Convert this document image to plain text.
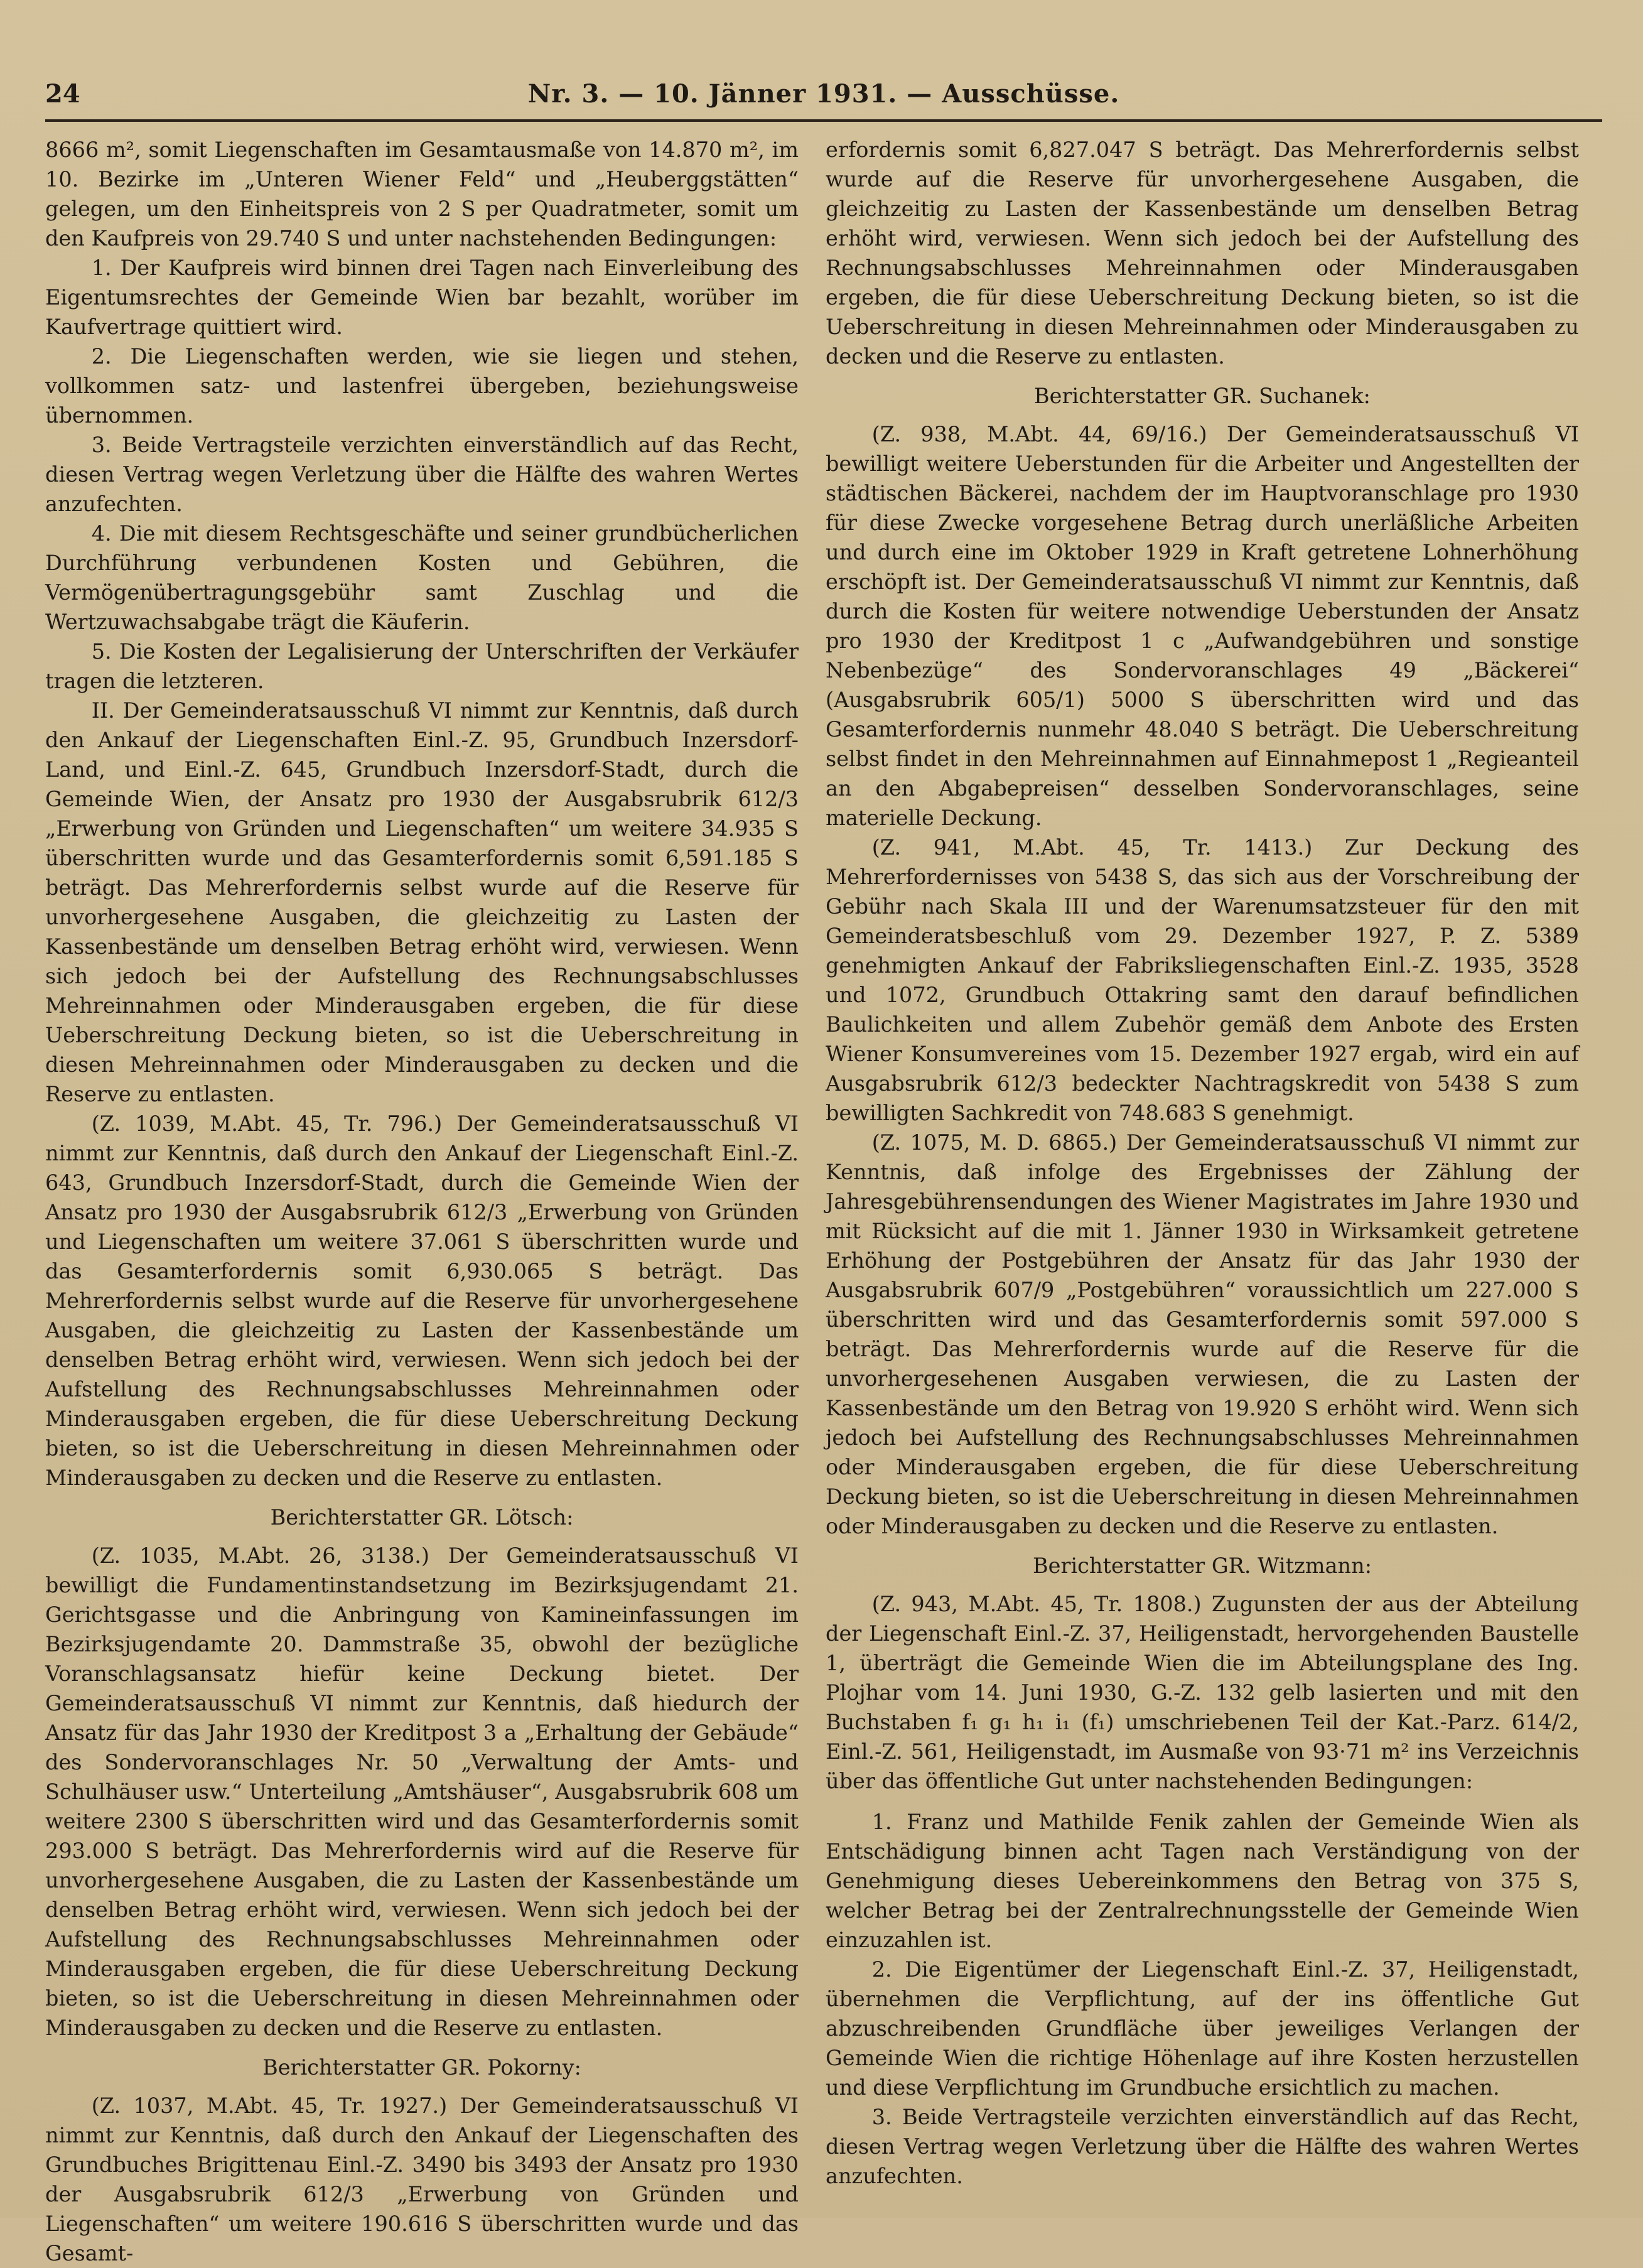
24	Nr. 3. — 10. Jänner 1931. — Ausschüsse.

8666 m², somit Liegenschaften im Gesamtausmaße von 14.870 m², im 10. Bezirke im „Unteren Wiener Feld“ und „Heuberggstätten“ gelegen, um den Einheitspreis von 2 S per Quadratmeter, somit um den Kaufpreis von 29.740 S und unter nachstehenden Bedingungen:

1. Der Kaufpreis wird binnen drei Tagen nach Einverleibung des Eigentumsrechtes der Gemeinde Wien bar bezahlt, worüber im Kaufvertrage quittiert wird.

2. Die Liegenschaften werden, wie sie liegen und stehen, vollkommen satz- und lastenfrei übergeben, beziehungsweise übernommen.

3. Beide Vertragsteile verzichten einverständlich auf das Recht, diesen Vertrag wegen Verletzung über die Hälfte des wahren Wertes anzufechten.

4. Die mit diesem Rechtsgeschäfte und seiner grundbücherlichen Durchführung verbundenen Kosten und Gebühren, die Vermögenübertragungsgebühr samt Zuschlag und die Wertzuwachsabgabe trägt die Käuferin.

5. Die Kosten der Legalisierung der Unterschriften der Verkäufer tragen die letzteren.

II. Der Gemeinderatsausschuß VI nimmt zur Kenntnis, daß durch den Ankauf der Liegenschaften Einl.-Z. 95, Grundbuch Inzersdorf-Land, und Einl.-Z. 645, Grundbuch Inzersdorf-Stadt, durch die Gemeinde Wien, der Ansatz pro 1930 der Ausgabsrubrik 612/3 „Erwerbung von Gründen und Liegenschaften“ um weitere 34.935 S überschritten wurde und das Gesamterfordernis somit 6,591.185 S beträgt. Das Mehrerfordernis selbst wurde auf die Reserve für unvorhergesehene Ausgaben, die gleichzeitig zu Lasten der Kassenbestände um denselben Betrag erhöht wird, verwiesen. Wenn sich jedoch bei der Aufstellung des Rechnungsabschlusses Mehreinnahmen oder Minderausgaben ergeben, die für diese Ueberschreitung Deckung bieten, so ist die Ueberschreitung in diesen Mehreinnahmen oder Minderausgaben zu decken und die Reserve zu entlasten.

(Z. 1039, M.Abt. 45, Tr. 796.) Der Gemeinderatsausschuß VI nimmt zur Kenntnis, daß durch den Ankauf der Liegenschaft Einl.-Z. 643, Grundbuch Inzersdorf-Stadt, durch die Gemeinde Wien der Ansatz pro 1930 der Ausgabsrubrik 612/3 „Erwerbung von Gründen und Liegenschaften um weitere 37.061 S überschritten wurde und das Gesamterfordernis somit 6,930.065 S beträgt. Das Mehrerfordernis selbst wurde auf die Reserve für unvorhergesehene Ausgaben, die gleichzeitig zu Lasten der Kassenbestände um denselben Betrag erhöht wird, verwiesen. Wenn sich jedoch bei der Aufstellung des Rechnungsabschlusses Mehreinnahmen oder Minderausgaben ergeben, die für diese Ueberschreitung Deckung bieten, so ist die Ueberschreitung in diesen Mehreinnahmen oder Minderausgaben zu decken und die Reserve zu entlasten.

Berichterstatter GR. Lötsch:

(Z. 1035, M.Abt. 26, 3138.) Der Gemeinderatsausschuß VI bewilligt die Fundamentinstandsetzung im Bezirksjugendamt 21. Gerichtsgasse und die Anbringung von Kamineinfassungen im Bezirksjugendamte 20. Dammstraße 35, obwohl der bezügliche Voranschlagsansatz hiefür keine Deckung bietet. Der Gemeinderatsausschuß VI nimmt zur Kenntnis, daß hiedurch der Ansatz für das Jahr 1930 der Kreditpost 3 a „Erhaltung der Gebäude“ des Sondervoranschlages Nr. 50 „Verwaltung der Amts- und Schulhäuser usw.“ Unterteilung „Amtshäuser“, Ausgabsrubrik 608 um weitere 2300 S überschritten wird und das Gesamterfordernis somit 293.000 S beträgt. Das Mehrerfordernis wird auf die Reserve für unvorhergesehene Ausgaben, die zu Lasten der Kassenbestände um denselben Betrag erhöht wird, verwiesen. Wenn sich jedoch bei der Aufstellung des Rechnungsabschlusses Mehreinnahmen oder Minderausgaben ergeben, die für diese Ueberschreitung Deckung bieten, so ist die Ueberschreitung in diesen Mehreinnahmen oder Minderausgaben zu decken und die Reserve zu entlasten.

Berichterstatter GR. Pokorny:

(Z. 1037, M.Abt. 45, Tr. 1927.) Der Gemeinderatsausschuß VI nimmt zur Kenntnis, daß durch den Ankauf der Liegenschaften des Grundbuches Brigittenau Einl.-Z. 3490 bis 3493 der Ansatz pro 1930 der Ausgabsrubrik 612/3 „Erwerbung von Gründen und Liegenschaften“ um weitere 190.616 S überschritten wurde und das Gesamt-

erfordernis somit 6,827.047 S beträgt. Das Mehrerfordernis selbst wurde auf die Reserve für unvorhergesehene Ausgaben, die gleichzeitig zu Lasten der Kassenbestände um denselben Betrag erhöht wird, verwiesen. Wenn sich jedoch bei der Aufstellung des Rechnungsabschlusses Mehreinnahmen oder Minderausgaben ergeben, die für diese Ueberschreitung Deckung bieten, so ist die Ueberschreitung in diesen Mehreinnahmen oder Minderausgaben zu decken und die Reserve zu entlasten.

Berichterstatter GR. Suchanek:

(Z. 938, M.Abt. 44, 69/16.) Der Gemeinderatsausschuß VI bewilligt weitere Ueberstunden für die Arbeiter und Angestellten der städtischen Bäckerei, nachdem der im Hauptvoranschlage pro 1930 für diese Zwecke vorgesehene Betrag durch unerläßliche Arbeiten und durch eine im Oktober 1929 in Kraft getretene Lohnerhöhung erschöpft ist. Der Gemeinderatsausschuß VI nimmt zur Kenntnis, daß durch die Kosten für weitere notwendige Ueberstunden der Ansatz pro 1930 der Kreditpost 1 c „Aufwandgebühren und sonstige Nebenbezüge“ des Sondervoranschlages 49 „Bäckerei“ (Ausgabsrubrik 605/1) 5000 S überschritten wird und das Gesamterfordernis nunmehr 48.040 S beträgt. Die Ueberschreitung selbst findet in den Mehreinnahmen auf Einnahmepost 1 „Regieanteil an den Abgabepreisen“ desselben Sondervoranschlages, seine materielle Deckung.

(Z. 941, M.Abt. 45, Tr. 1413.) Zur Deckung des Mehrerfordernisses von 5438 S, das sich aus der Vorschreibung der Gebühr nach Skala III und der Warenumsatzsteuer für den mit Gemeinderatsbeschluß vom 29. Dezember 1927, P. Z. 5389 genehmigten Ankauf der Fabriksliegenschaften Einl.-Z. 1935, 3528 und 1072, Grundbuch Ottakring samt den darauf befindlichen Baulichkeiten und allem Zubehör gemäß dem Anbote des Ersten Wiener Konsumvereines vom 15. Dezember 1927 ergab, wird ein auf Ausgabsrubrik 612/3 bedeckter Nachtragskredit von 5438 S zum bewilligten Sachkredit von 748.683 S genehmigt.

(Z. 1075, M. D. 6865.) Der Gemeinderatsausschuß VI nimmt zur Kenntnis, daß infolge des Ergebnisses der Zählung der Jahresgebührensendungen des Wiener Magistrates im Jahre 1930 und mit Rücksicht auf die mit 1. Jänner 1930 in Wirksamkeit getretene Erhöhung der Postgebühren der Ansatz für das Jahr 1930 der Ausgabsrubrik 607/9 „Postgebühren“ voraussichtlich um 227.000 S überschritten wird und das Gesamterfordernis somit 597.000 S beträgt. Das Mehrerfordernis wurde auf die Reserve für die unvorhergesehenen Ausgaben verwiesen, die zu Lasten der Kassenbestände um den Betrag von 19.920 S erhöht wird. Wenn sich jedoch bei Aufstellung des Rechnungsabschlusses Mehreinnahmen oder Minderausgaben ergeben, die für diese Ueberschreitung Deckung bieten, so ist die Ueberschreitung in diesen Mehreinnahmen oder Minderausgaben zu decken und die Reserve zu entlasten.

Berichterstatter GR. Witzmann:

(Z. 943, M.Abt. 45, Tr. 1808.) Zugunsten der aus der Abteilung der Liegenschaft Einl.-Z. 37, Heiligenstadt, hervorgehenden Baustelle 1, überträgt die Gemeinde Wien die im Abteilungsplane des Ing. Plojhar vom 14. Juni 1930, G.-Z. 132 gelb lasierten und mit den Buchstaben f₁ g₁ h₁ i₁ (f₁) umschriebenen Teil der Kat.-Parz. 614/2, Einl.-Z. 561, Heiligenstadt, im Ausmaße von 93·71 m² ins Verzeichnis über das öffentliche Gut unter nachstehenden Bedingungen:

1. Franz und Mathilde Fenik zahlen der Gemeinde Wien als Entschädigung binnen acht Tagen nach Verständigung von der Genehmigung dieses Uebereinkommens den Betrag von 375 S, welcher Betrag bei der Zentralrechnungsstelle der Gemeinde Wien einzuzahlen ist.

2. Die Eigentümer der Liegenschaft Einl.-Z. 37, Heiligenstadt, übernehmen die Verpflichtung, auf der ins öffentliche Gut abzuschreibenden Grundfläche über jeweiliges Verlangen der Gemeinde Wien die richtige Höhenlage auf ihre Kosten herzustellen und diese Verpflichtung im Grundbuche ersichtlich zu machen.

3. Beide Vertragsteile verzichten einverständlich auf das Recht, diesen Vertrag wegen Verletzung über die Hälfte des wahren Wertes anzufechten.
